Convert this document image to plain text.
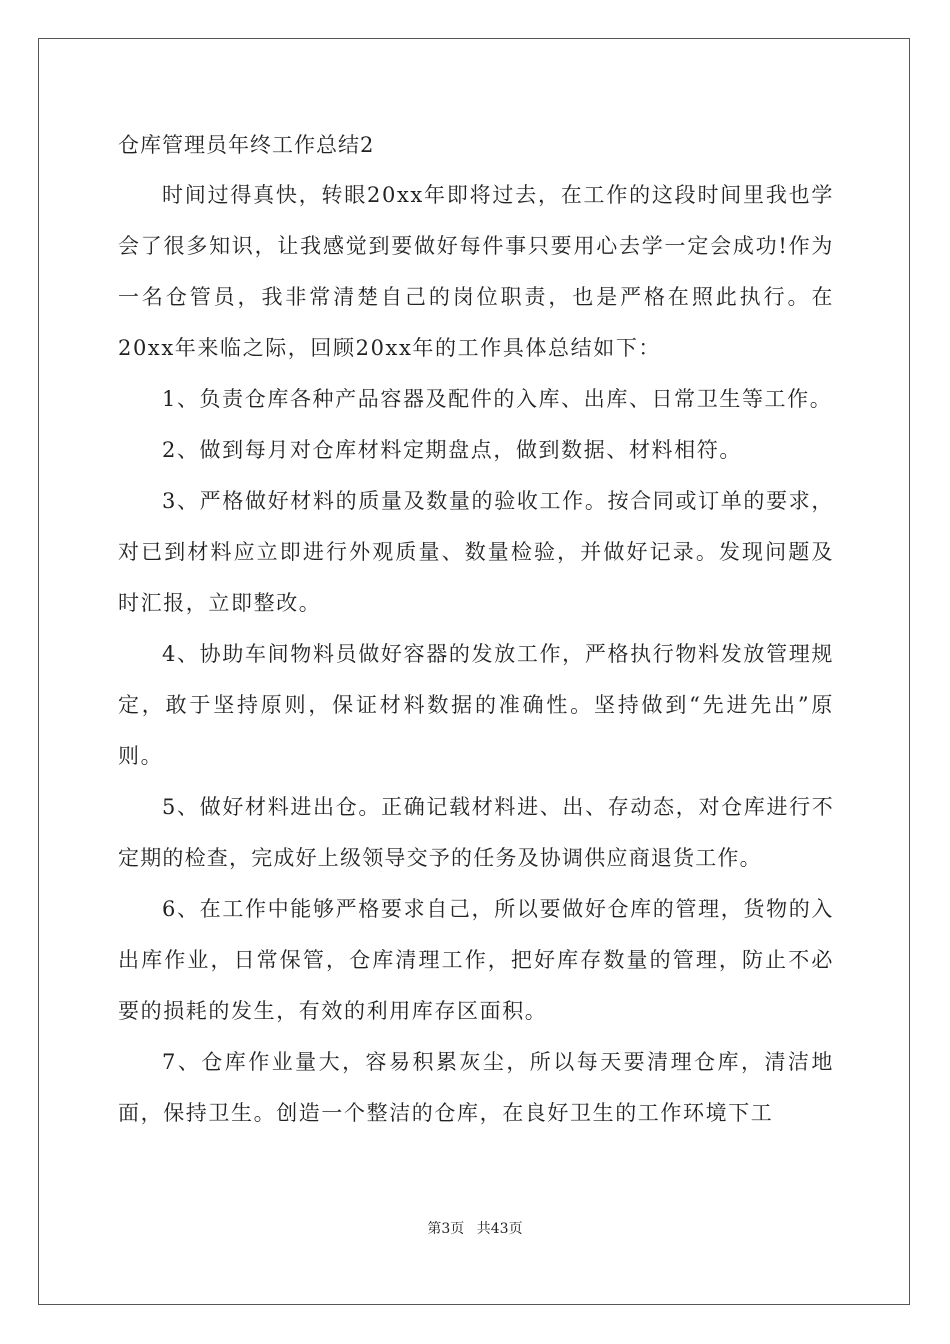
仓库管理员年终工作总结2

时间过得真快，转眼20xx年即将过去，在工作的这段时间里我也学会了很多知识，让我感觉到要做好每件事只要用心去学一定会成功!作为一名仓管员，我非常清楚自己的岗位职责，也是严格在照此执行。在20xx年来临之际，回顾20xx年的工作具体总结如下：

1、负责仓库各种产品容器及配件的入库、出库、日常卫生等工作。

2、做到每月对仓库材料定期盘点，做到数据、材料相符。

3、严格做好材料的质量及数量的验收工作。按合同或订单的要求，对已到材料应立即进行外观质量、数量检验，并做好记录。发现问题及时汇报，立即整改。

4、协助车间物料员做好容器的发放工作，严格执行物料发放管理规定，敢于坚持原则，保证材料数据的准确性。坚持做到“先进先出”原则。

5、做好材料进出仓。正确记载材料进、出、存动态，对仓库进行不定期的检查，完成好上级领导交予的任务及协调供应商退货工作。

6、在工作中能够严格要求自己，所以要做好仓库的管理，货物的入出库作业，日常保管，仓库清理工作，把好库存数量的管理，防止不必要的损耗的发生，有效的利用库存区面积。

7、仓库作业量大，容易积累灰尘，所以每天要清理仓库，清洁地面，保持卫生。创造一个整洁的仓库，在良好卫生的工作环境下工

第3页 共43页
